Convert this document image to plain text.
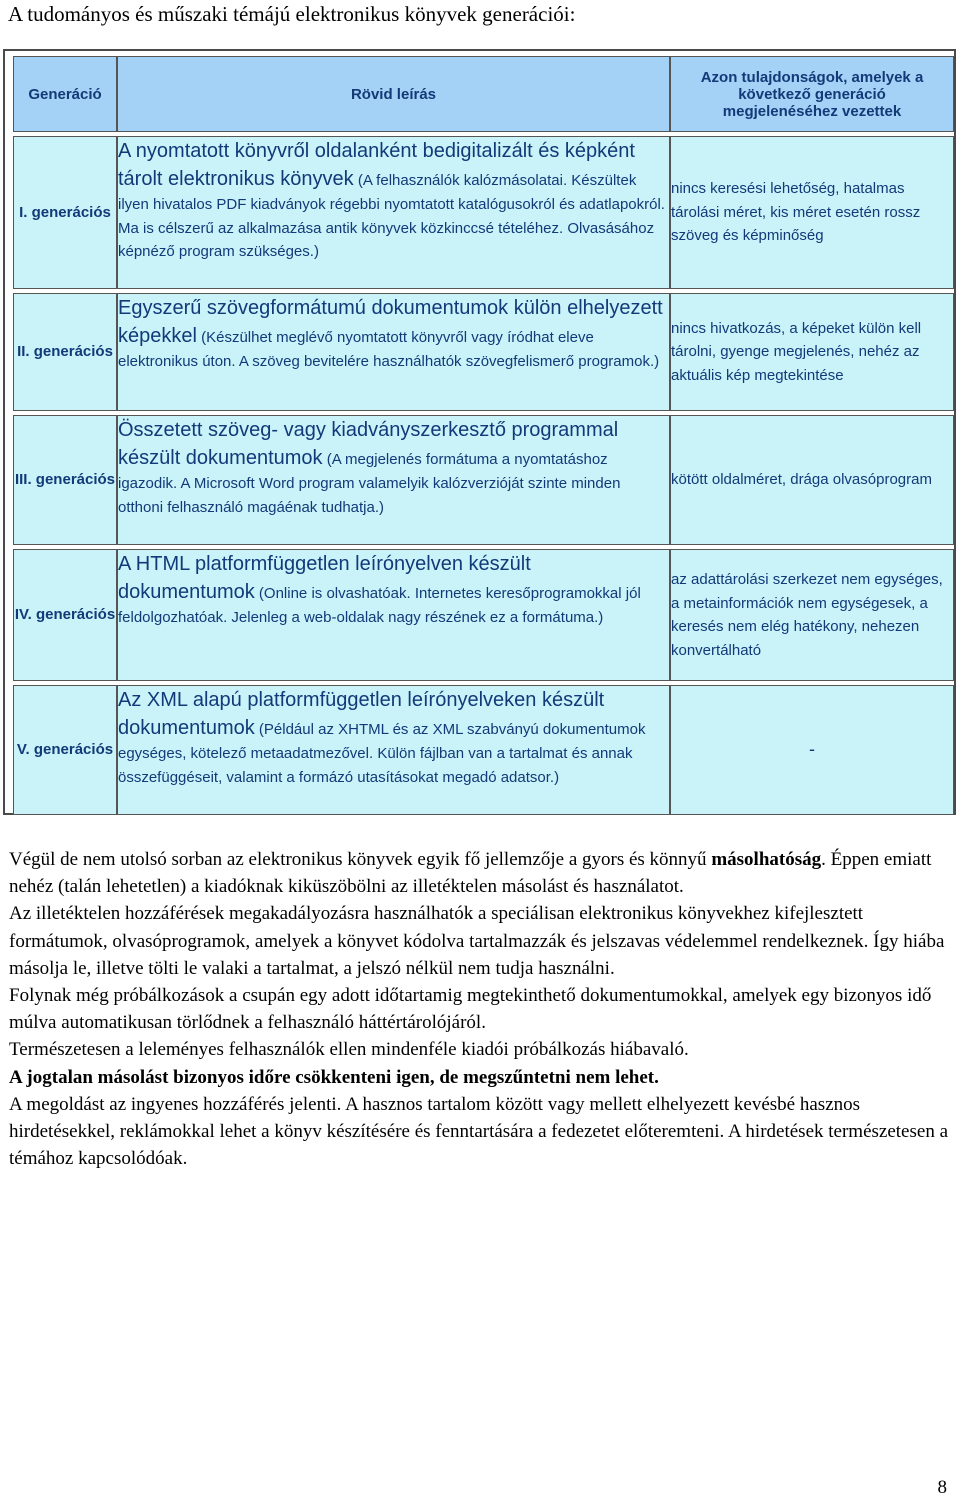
A tudományos és műszaki témájú elektronikus könyvek generációi:
Generáció	Rövid leírás	Azon tulajdonságok, amelyek a következő generáció megjelenéséhez vezettek

I. generációs	A nyomtatott könyvről oldalanként bedigitalizált és képként tárolt elektronikus könyvek (A felhasználók kalózmásolatai. Készültek ilyen hivatalos PDF kiadványok régebbi nyomtatott katalógusokról és adatlapokról. Ma is célszerű az alkalmazása antik könyvek közkinccsé tételéhez. Olvasásához képnéző program szükséges.)	nincs keresési lehetőség, hatalmas tárolási méret, kis méret esetén rossz szöveg és képminőség

II. generációs	Egyszerű szövegformátumú dokumentumok külön elhelyezett képekkel (Készülhet meglévő nyomtatott könyvről vagy íródhat eleve elektronikus úton. A szöveg bevitelére használhatók szövegfelismerő programok.)	nincs hivatkozás, a képeket külön kell tárolni, gyenge megjelenés, nehéz az aktuális kép megtekintése

III. generációs	Összetett szöveg- vagy kiadványszerkesztő programmal készült dokumentumok (A megjelenés formátuma a nyomtatáshoz igazodik. A Microsoft Word program valamelyik kalózverzióját szinte minden otthoni felhasználó magáénak tudhatja.)	kötött oldalméret, drága olvasóprogram

IV. generációs	A HTML platformfüggetlen leírónyelven készült dokumentumok (Online is olvashatóak. Internetes keresőprogramokkal jól feldolgozhatóak. Jelenleg a web-oldalak nagy részének ez a formátuma.)	az adattárolási szerkezet nem egységes, a metainformációk nem egységesek, a keresés nem elég hatékony, nehezen konvertálható

V. generációs	Az XML alapú platformfüggetlen leírónyelveken készült dokumentumok (Például az XHTML és az XML szabványú dokumentumok egységes, kötelező metaadatmezővel. Külön fájlban van a tartalmat és annak összefüggéseit, valamint a formázó utasításokat megadó adatsor.)	-

Végül de nem utolsó sorban az elektronikus könyvek egyik fő jellemzője a gyors és könnyű másolhatóság. Éppen emiatt nehéz (talán lehetetlen) a kiadóknak kiküszöbölni az illetéktelen másolást és használatot.

Az illetéktelen hozzáférések megakadályozásra használhatók a speciálisan elektronikus könyvekhez kifejlesztett formátumok, olvasóprogramok, amelyek a könyvet kódolva tartalmazzák és jelszavas védelemmel rendelkeznek. Így hiába másolja le, illetve tölti le valaki a tartalmat, a jelszó nélkül nem tudja használni.

Folynak még próbálkozások a csupán egy adott időtartamig megtekinthető dokumentumokkal, amelyek egy bizonyos idő múlva automatikusan törlődnek a felhasználó háttértárolójáról.

Természetesen a leleményes felhasználók ellen mindenféle kiadói próbálkozás hiábavaló.

A jogtalan másolást bizonyos időre csökkenteni igen, de megszűntetni nem lehet.

A megoldást az ingyenes hozzáférés jelenti. A hasznos tartalom között vagy mellett elhelyezett kevésbé hasznos hirdetésekkel, reklámokkal lehet a könyv készítésére és fenntartására a fedezetet előteremteni. A hirdetések természetesen a témához kapcsolódóak.

8
